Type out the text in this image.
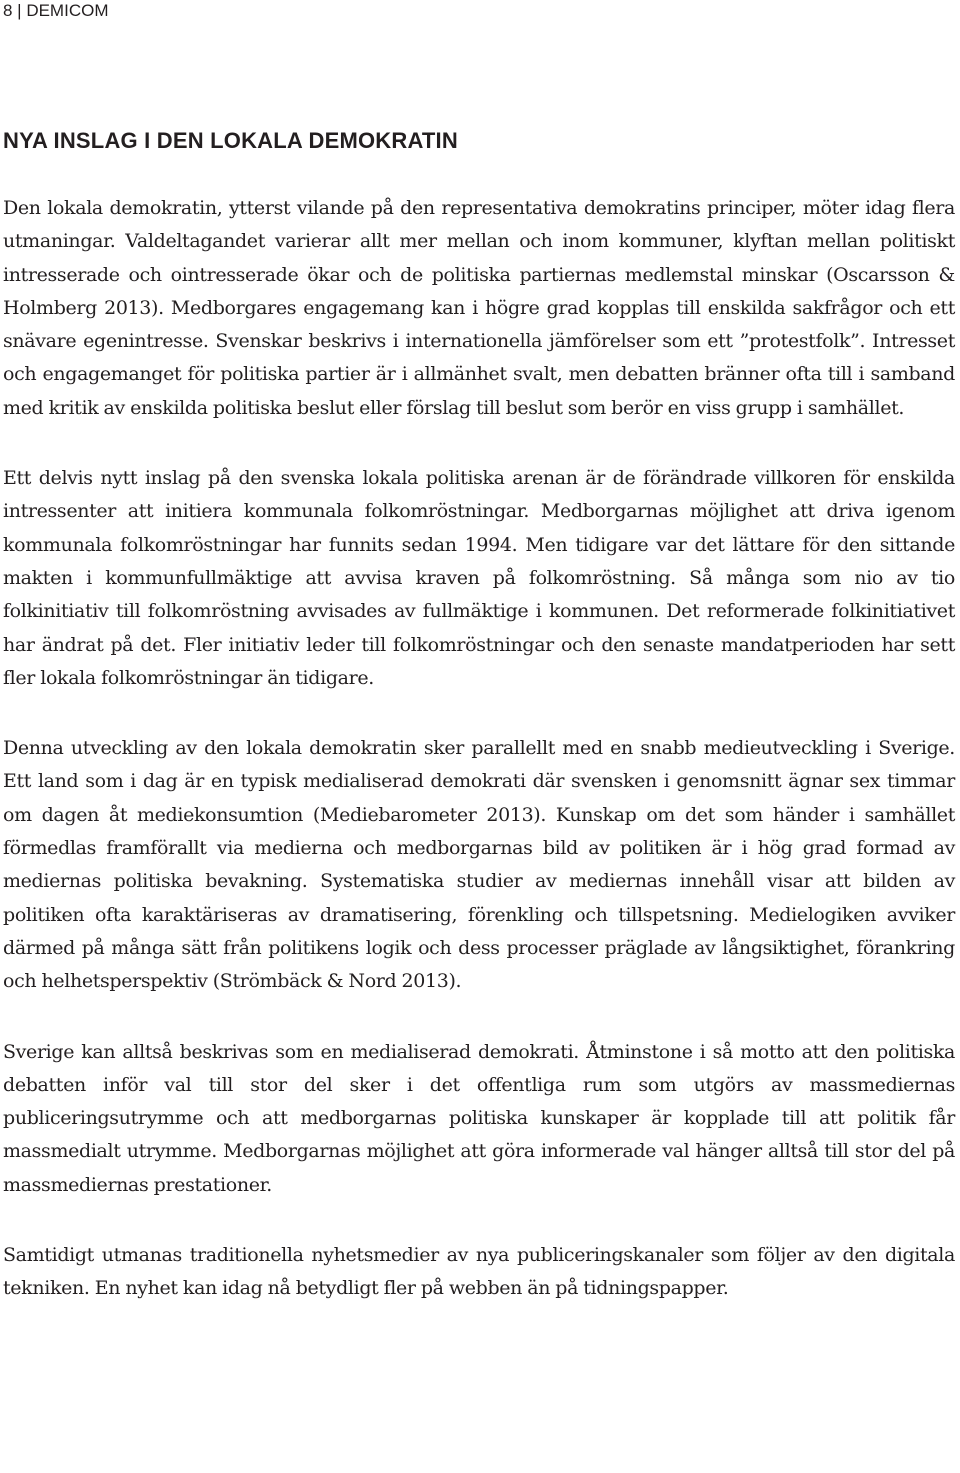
8 | DEMICOM
NYA INSLAG I DEN LOKALA DEMOKRATIN

Den lokala demokratin, ytterst vilande på den representativa demokratins principer, möter idag flera utmaningar. Valdeltagandet varierar allt mer mellan och inom kommuner, klyftan mellan politiskt intresserade och ointresserade ökar och de politiska partiernas medlemstal minskar (Oscarsson & Holmberg 2013). Medborgares engagemang kan i högre grad kopplas till enskilda sakfrågor och ett snävare egenintresse. Svenskar beskrivs i internationella jämförelser som ett ”protestfolk”. Intresset och engagemanget för politiska partier är i allmänhet svalt, men debatten bränner ofta till i samband med kritik av enskilda politiska beslut eller förslag till beslut som berör en viss grupp i samhället.

Ett delvis nytt inslag på den svenska lokala politiska arenan är de förändrade villkoren för enskilda intressenter att initiera kommunala folkomröstningar. Medborgarnas möjlighet att driva igenom kommunala folkomröstningar har funnits sedan 1994. Men tidigare var det lättare för den sittande makten i kommunfullmäktige att avvisa kraven på folkomröstning. Så många som nio av tio folkinitiativ till folkomröstning avvisades av fullmäktige i kommunen. Det reformerade folkinitiativet har ändrat på det. Fler initiativ leder till folkomröstningar och den senaste mandatperioden har sett fler lokala folkomröstningar än tidigare.

Denna utveckling av den lokala demokratin sker parallellt med en snabb medieutveckling i Sverige. Ett land som i dag är en typisk medialiserad demokrati där svensken i genomsnitt ägnar sex timmar om dagen åt mediekonsumtion (Mediebarometer 2013). Kunskap om det som händer i samhället förmedlas framförallt via medierna och medborgarnas bild av politiken är i hög grad formad av mediernas politiska bevakning. Systematiska studier av mediernas innehåll visar att bilden av politiken ofta karaktäriseras av dramatisering, förenkling och tillspetsning. Medielogiken avviker därmed på många sätt från politikens logik och dess processer präglade av långsiktighet, förankring och helhetsperspektiv (Strömbäck & Nord 2013).

Sverige kan alltså beskrivas som en medialiserad demokrati. Åtminstone i så motto att den politiska debatten inför val till stor del sker i det offentliga rum som utgörs av massmediernas publiceringsutrymme och att medborgarnas politiska kunskaper är kopplade till att politik får massmedialt utrymme. Medborgarnas möjlighet att göra informerade val hänger alltså till stor del på massmediernas prestationer.

Samtidigt utmanas traditionella nyhetsmedier av nya publiceringskanaler som följer av den digitala tekniken. En nyhet kan idag nå betydligt fler på webben än på tidningspapper.
